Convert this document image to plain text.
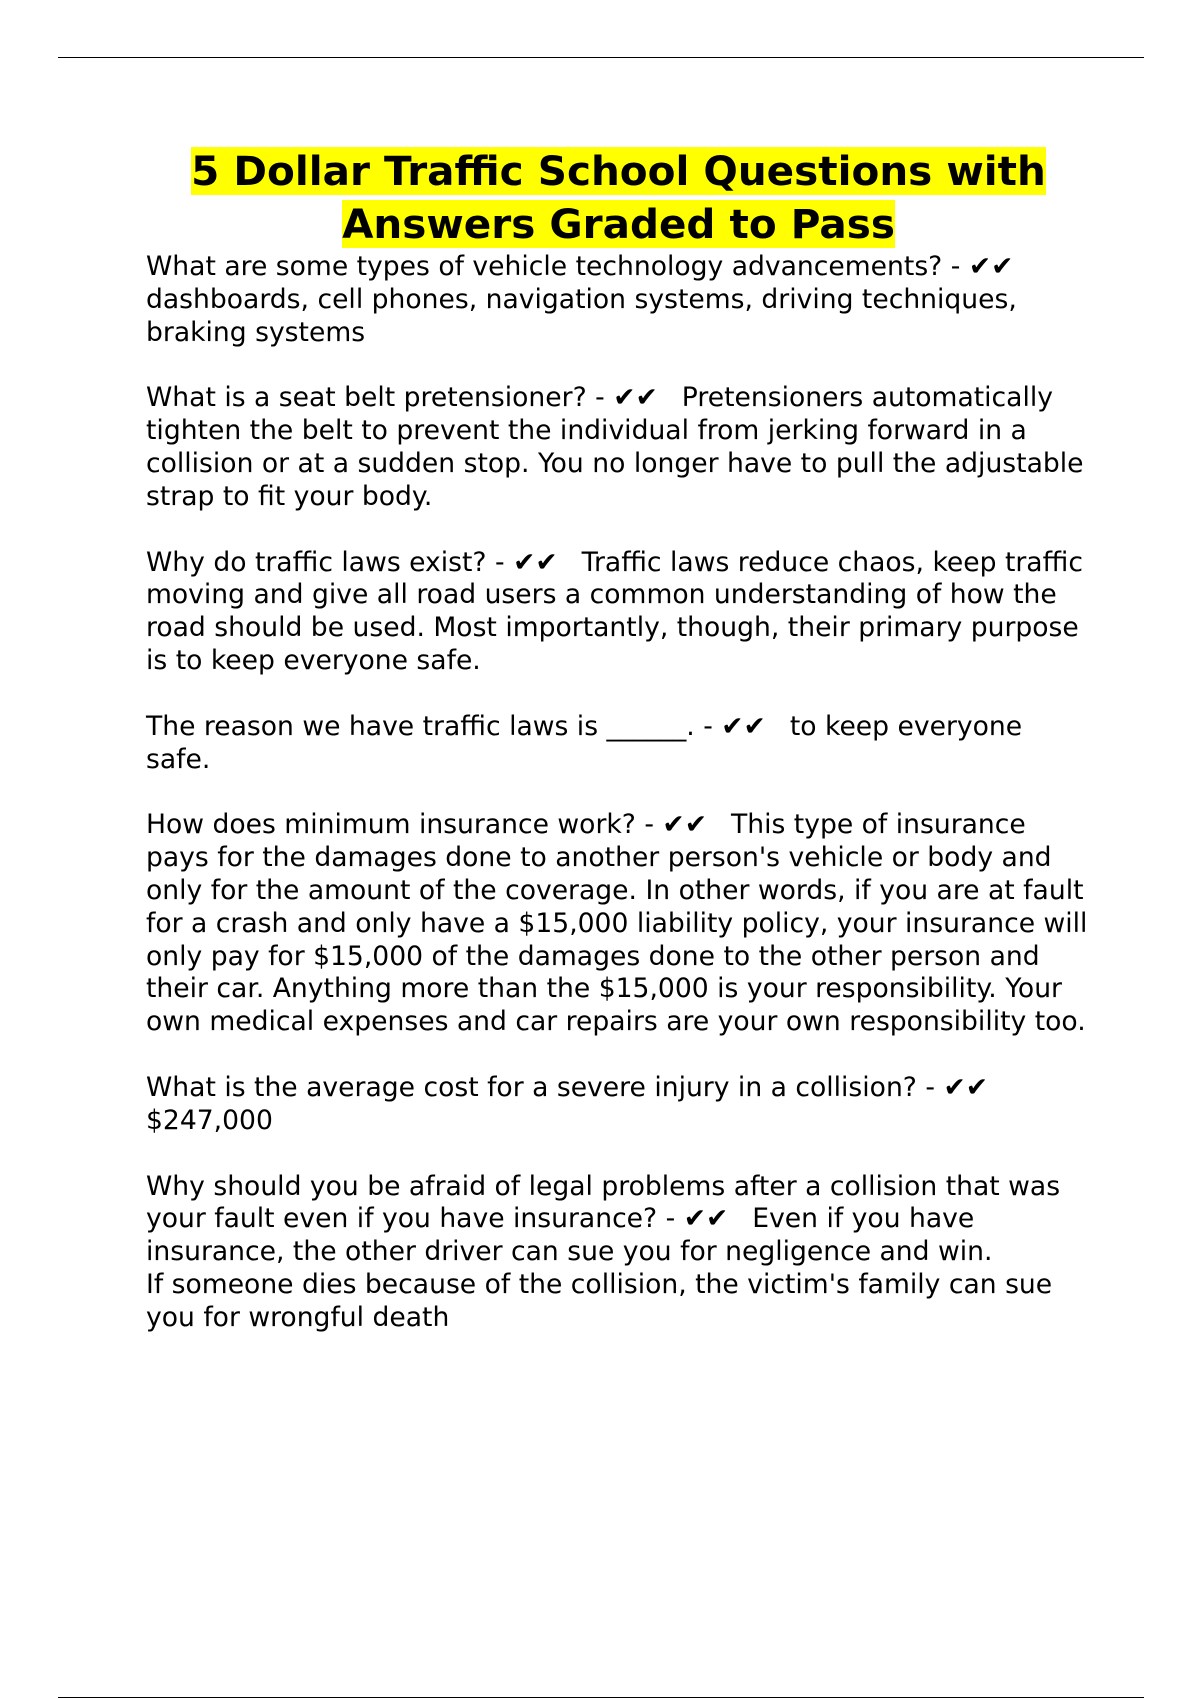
5 Dollar Traffic School Questions with Answers Graded to Pass

What are some types of vehicle technology advancements? - ✔✔ dashboards, cell phones, navigation systems, driving techniques, braking systems

What is a seat belt pretensioner? - ✔✔ Pretensioners automatically tighten the belt to prevent the individual from jerking forward in a collision or at a sudden stop. You no longer have to pull the adjustable strap to fit your body.

Why do traffic laws exist? - ✔✔ Traffic laws reduce chaos, keep traffic moving and give all road users a common understanding of how the road should be used. Most importantly, though, their primary purpose is to keep everyone safe.

The reason we have traffic laws is ______. - ✔✔ to keep everyone safe.

How does minimum insurance work? - ✔✔ This type of insurance pays for the damages done to another person's vehicle or body and only for the amount of the coverage. In other words, if you are at fault for a crash and only have a $15,000 liability policy, your insurance will only pay for $15,000 of the damages done to the other person and their car. Anything more than the $15,000 is your responsibility. Your own medical expenses and car repairs are your own responsibility too.

What is the average cost for a severe injury in a collision? - ✔✔ $247,000

Why should you be afraid of legal problems after a collision that was your fault even if you have insurance? - ✔✔ Even if you have insurance, the other driver can sue you for negligence and win.
If someone dies because of the collision, the victim's family can sue you for wrongful death
